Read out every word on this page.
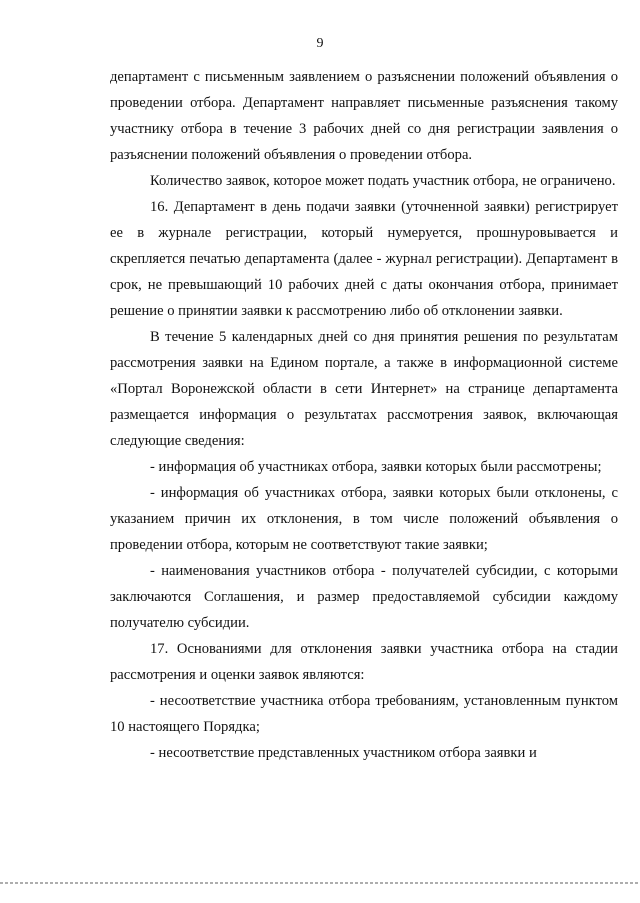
9

департамент с письменным заявлением о разъяснении положений объявления о проведении отбора. Департамент направляет письменные разъяснения такому участнику отбора в течение 3 рабочих дней со дня регистрации заявления о разъяснении положений объявления о проведении отбора.

Количество заявок, которое может подать участник отбора, не ограничено.

16. Департамент в день подачи заявки (уточненной заявки) регистрирует ее в журнале регистрации, который нумеруется, прошнуровывается и скрепляется печатью департамента (далее - журнал регистрации). Департамент в срок, не превышающий 10 рабочих дней с даты окончания отбора, принимает решение о принятии заявки к рассмотрению либо об отклонении заявки.

В течение 5 календарных дней со дня принятия решения по результатам рассмотрения заявки на Едином портале, а также в информационной системе «Портал Воронежской области в сети Интернет» на странице департамента размещается информация о результатах рассмотрения заявок, включающая следующие сведения:

- информация об участниках отбора, заявки которых были рассмотрены;

- информация об участниках отбора, заявки которых были отклонены, с указанием причин их отклонения, в том числе положений объявления о проведении отбора, которым не соответствуют такие заявки;

- наименования участников отбора - получателей субсидии, с которыми заключаются Соглашения, и размер предоставляемой субсидии каждому получателю субсидии.

17. Основаниями для отклонения заявки участника отбора на стадии рассмотрения и оценки заявок являются:

- несоответствие участника отбора требованиям, установленным пунктом 10 настоящего Порядка;

- несоответствие представленных участником отбора заявки и
